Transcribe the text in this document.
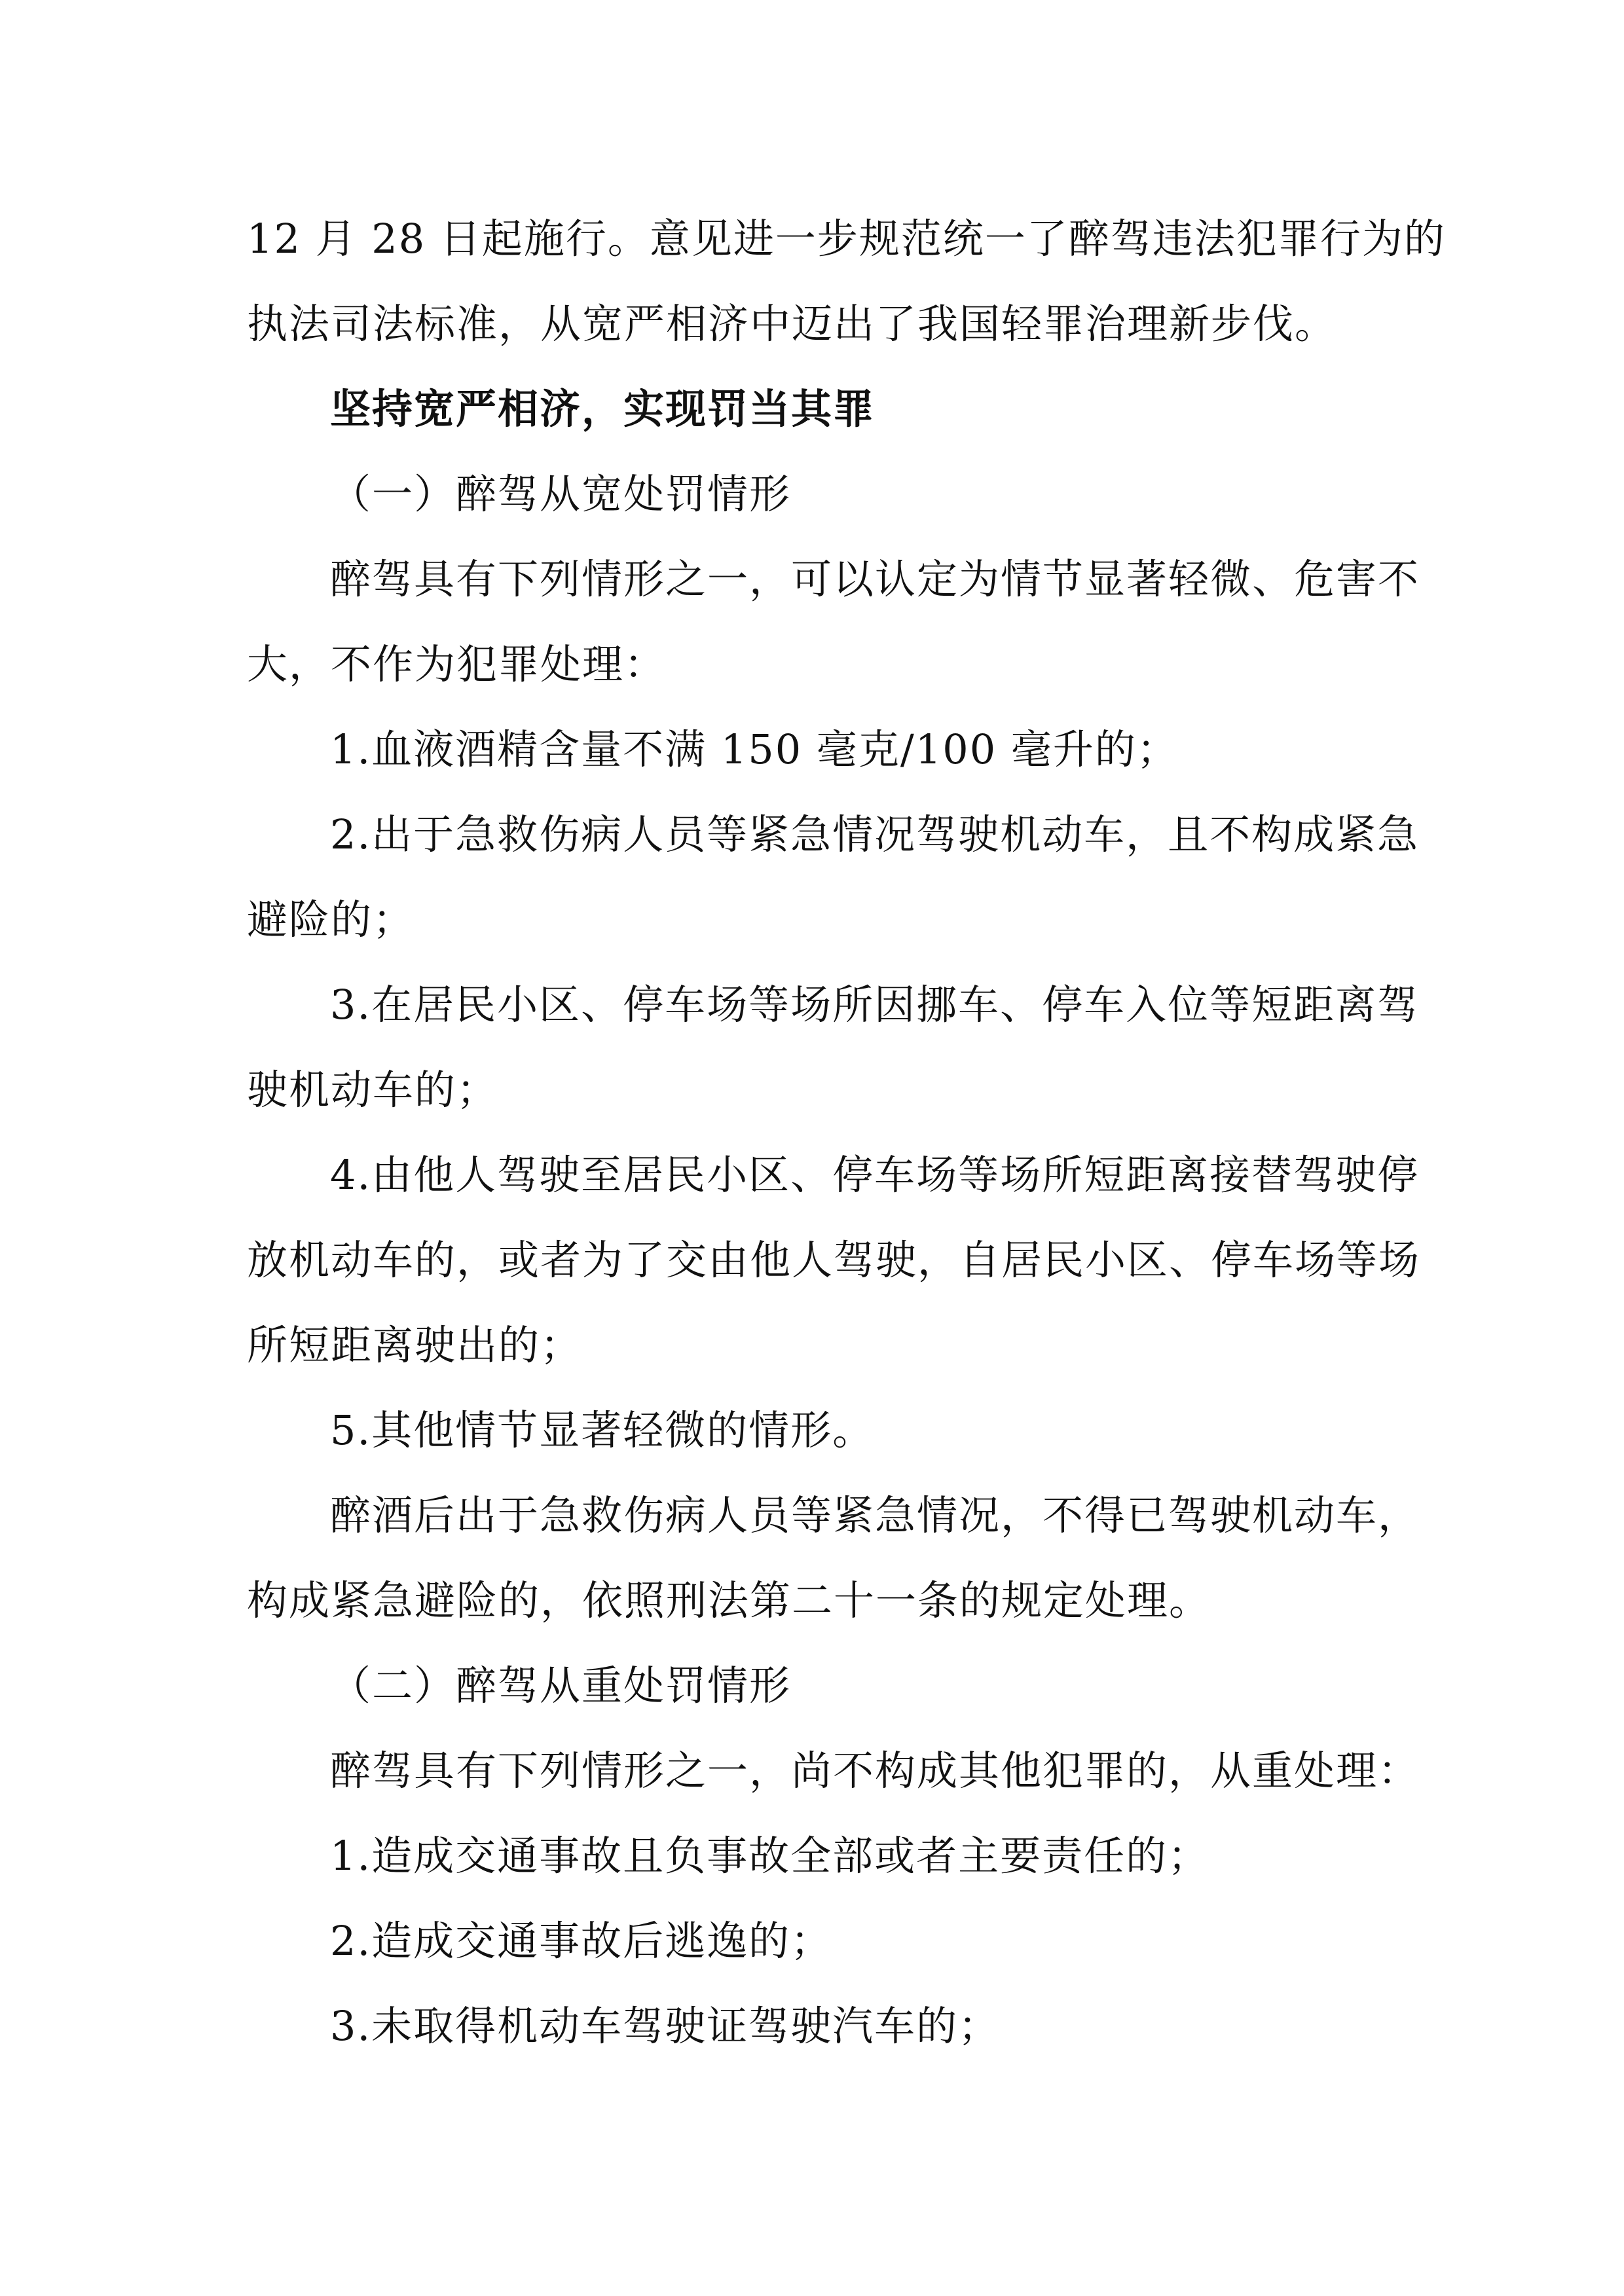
12 月 28 日起施行。意见进一步规范统一了醉驾违法犯罪行为的
执法司法标准，从宽严相济中迈出了我国轻罪治理新步伐。
坚持宽严相济，实现罚当其罪
（一）醉驾从宽处罚情形
醉驾具有下列情形之一，可以认定为情节显著轻微、危害不
大，不作为犯罪处理：
1.血液酒精含量不满 150 毫克/100 毫升的；
2.出于急救伤病人员等紧急情况驾驶机动车，且不构成紧急
避险的；
3.在居民小区、停车场等场所因挪车、停车入位等短距离驾
驶机动车的；
4.由他人驾驶至居民小区、停车场等场所短距离接替驾驶停
放机动车的，或者为了交由他人驾驶，自居民小区、停车场等场
所短距离驶出的；
5.其他情节显著轻微的情形。
醉酒后出于急救伤病人员等紧急情况，不得已驾驶机动车，
构成紧急避险的，依照刑法第二十一条的规定处理。
（二）醉驾从重处罚情形
醉驾具有下列情形之一，尚不构成其他犯罪的，从重处理：
1.造成交通事故且负事故全部或者主要责任的；
2.造成交通事故后逃逸的；
3.未取得机动车驾驶证驾驶汽车的；
